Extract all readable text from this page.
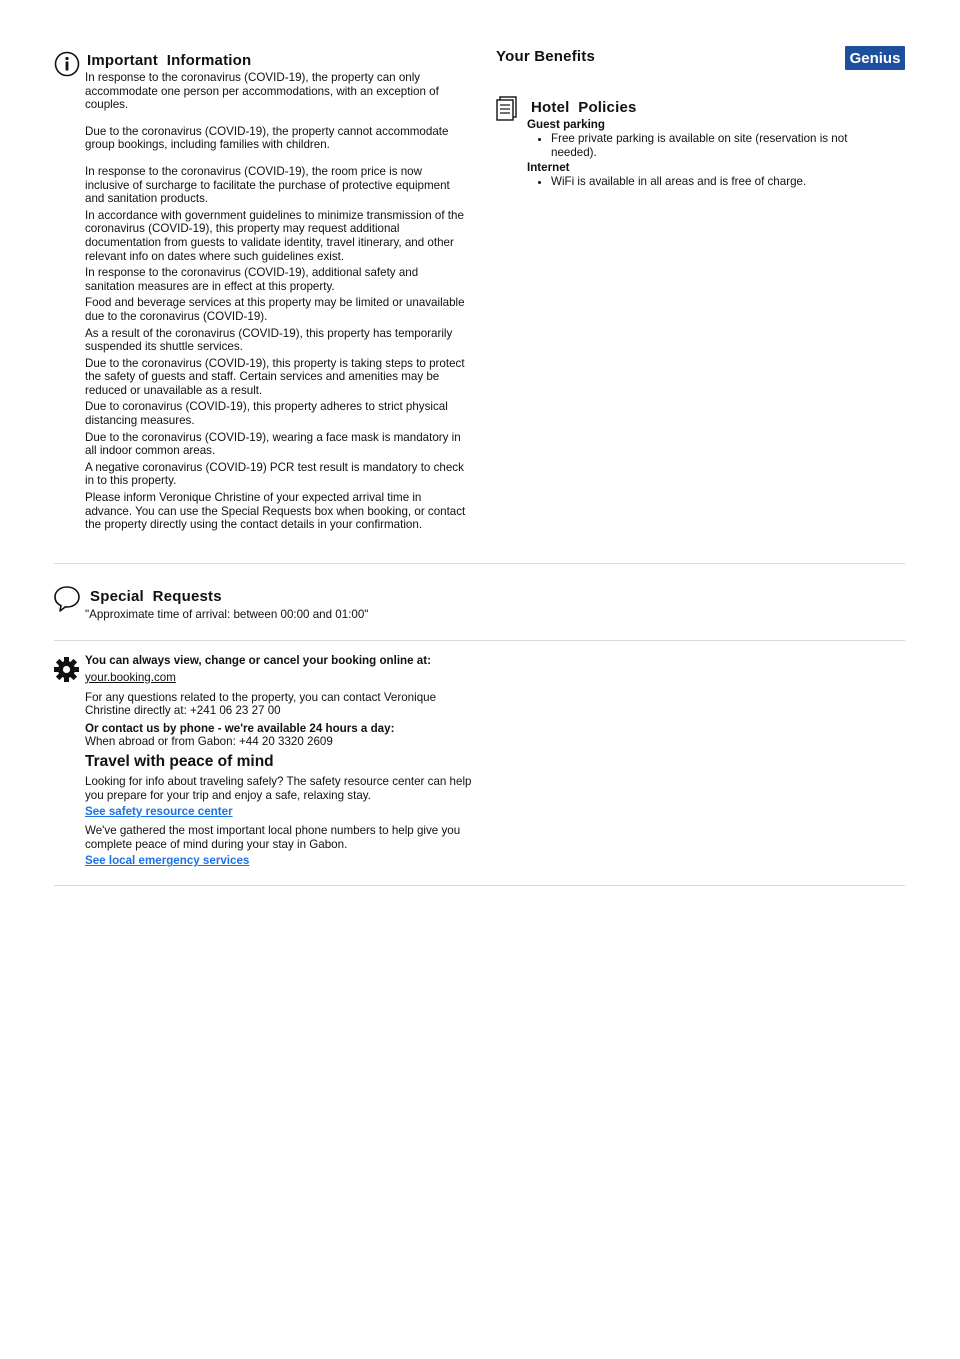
Important  Information

In response to the coronavirus (COVID-19), the property can only accommodate one person per accommodations, with an exception of couples.

Due to the coronavirus (COVID-19), the property cannot accommodate group bookings, including families with children.

In response to the coronavirus (COVID-19), the room price is now inclusive of surcharge to facilitate the purchase of protective equipment and sanitation products.

In accordance with government guidelines to minimize transmission of the coronavirus (COVID-19), this property may request additional documentation from guests to validate identity, travel itinerary, and other relevant info on dates where such guidelines exist.

In response to the coronavirus (COVID-19), additional safety and sanitation measures are in effect at this property.

Food and beverage services at this property may be limited or unavailable due to the coronavirus (COVID-19).

As a result of the coronavirus (COVID-19), this property has temporarily suspended its shuttle services.

Due to the coronavirus (COVID-19), this property is taking steps to protect the safety of guests and staff. Certain services and amenities may be reduced or unavailable as a result.

Due to coronavirus (COVID-19), this property adheres to strict physical distancing measures.

Due to the coronavirus (COVID-19), wearing a face mask is mandatory in all indoor common areas.

A negative coronavirus (COVID-19) PCR test result is mandatory to check in to this property.

Please inform Veronique Christine of your expected arrival time in advance. You can use the Special Requests box when booking, or contact the property directly using the contact details in your confirmation.

Your Benefits	Genius
Hotel  Policies
Guest parking
• Free private parking is available on site (reservation is not needed).
Internet
• WiFi is available in all areas and is free of charge.
Special  Requests
"Approximate time of arrival: between 00:00 and 01:00"
You can always view, change or cancel your booking online at:
your.booking.com

For any questions related to the property, you can contact Veronique Christine directly at: +241 06 23 27 00

Or contact us by phone - we're available 24 hours a day:
When abroad or from Gabon: +44 20 3320 2609
Travel with peace of mind

Looking for info about traveling safely? The safety resource center can help you prepare for your trip and enjoy a safe, relaxing stay.

See safety resource center

We've gathered the most important local phone numbers to help give you complete peace of mind during your stay in Gabon.

See local emergency services
